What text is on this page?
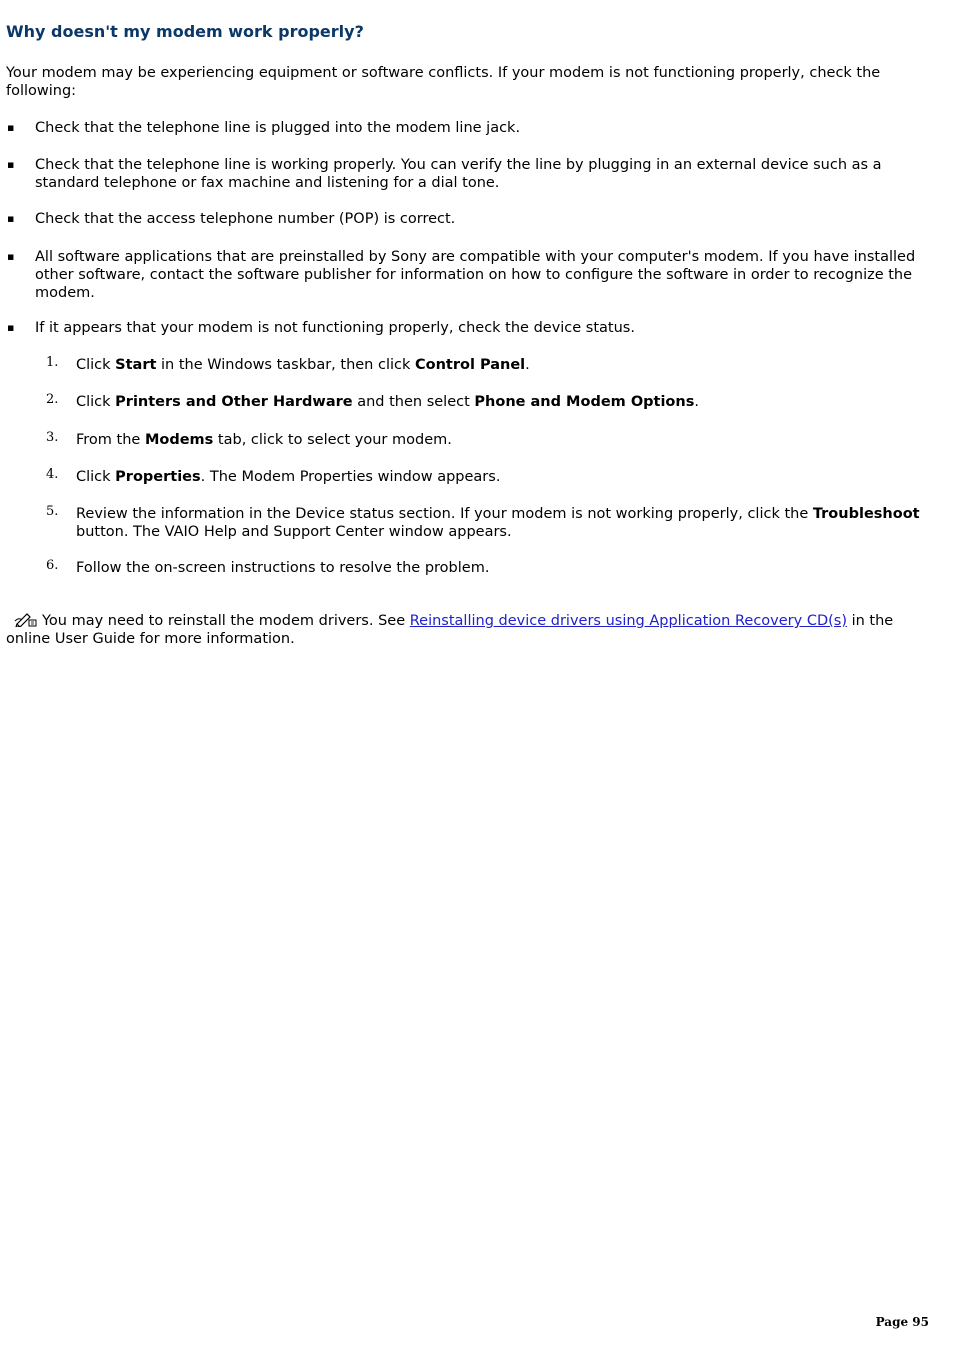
Why doesn't my modem work properly?

Your modem may be experiencing equipment or software conflicts. If your modem is not functioning properly, check the following:

▪ Check that the telephone line is plugged into the modem line jack.
▪ Check that the telephone line is working properly. You can verify the line by plugging in an external device such as a standard telephone or fax machine and listening for a dial tone.
▪ Check that the access telephone number (POP) is correct.
▪ All software applications that are preinstalled by Sony are compatible with your computer's modem. If you have installed other software, contact the software publisher for information on how to configure the software in order to recognize the modem.
▪ If it appears that your modem is not functioning properly, check the device status.
1. Click Start in the Windows taskbar, then click Control Panel.
2. Click Printers and Other Hardware and then select Phone and Modem Options.
3. From the Modems tab, click to select your modem.
4. Click Properties. The Modem Properties window appears.
5. Review the information in the Device status section. If your modem is not working properly, click the Troubleshoot button. The VAIO Help and Support Center window appears.
6. Follow the on-screen instructions to resolve the problem.
You may need to reinstall the modem drivers. See Reinstalling device drivers using Application Recovery CD(s) in the online User Guide for more information.
Page 95
